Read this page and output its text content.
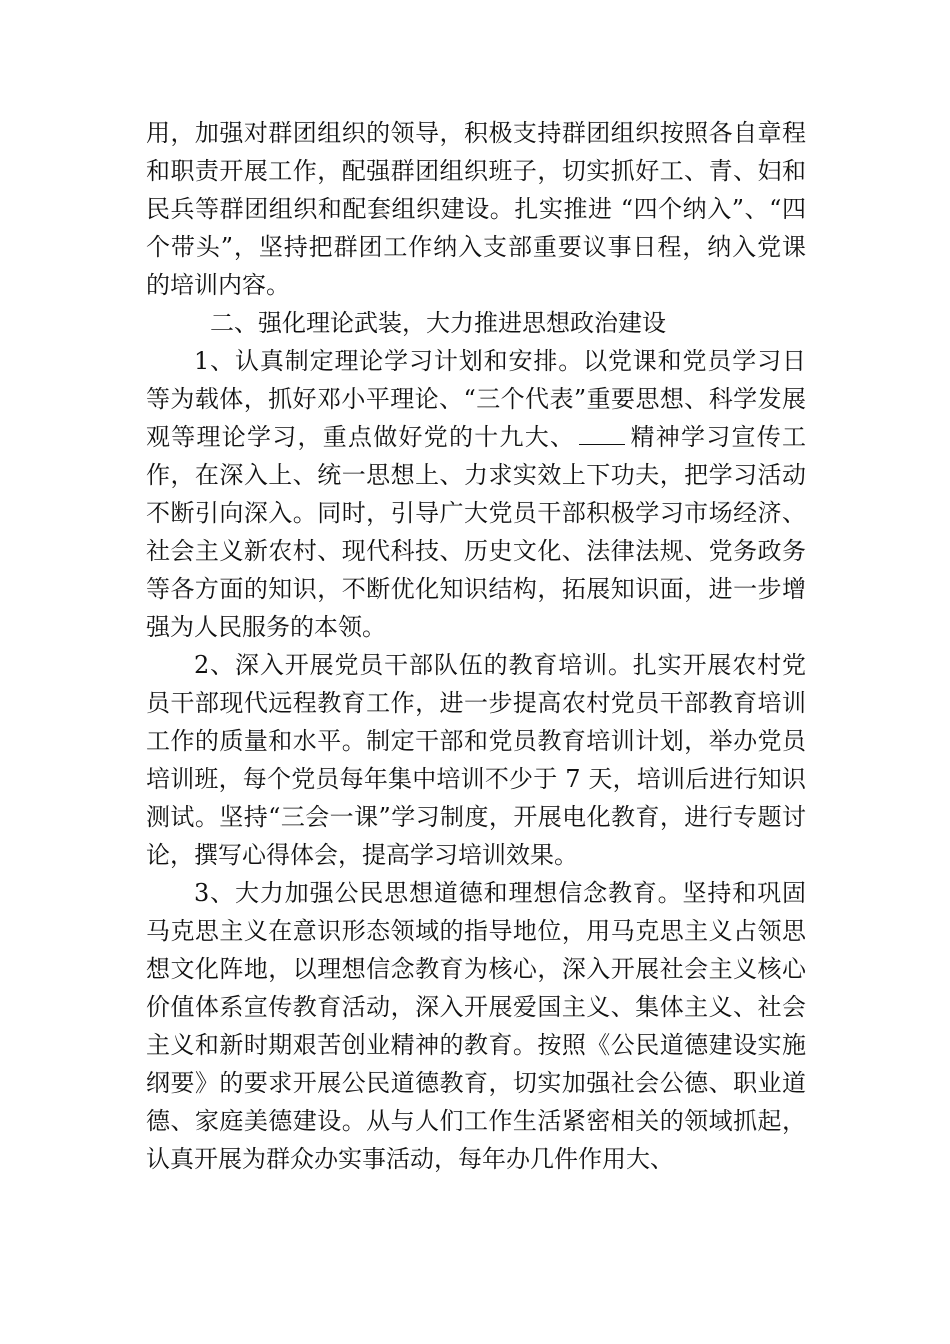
用，加强对群团组织的领导，积极支持群团组织按照各自章程和职责开展工作，配强群团组织班子，切实抓好工、青、妇和民兵等群团组织和配套组织建设。扎实推进 “四个纳入”、“四个带头”，坚持把群团工作纳入支部重要议事日程，纳入党课的培训内容。

二、强化理论武装，大力推进思想政治建设

1、认真制定理论学习计划和安排。以党课和党员学习日等为载体，抓好邓小平理论、“三个代表”重要思想、科学发展观等理论学习，重点做好党的十九大、 精神学习宣传工作，在深入上、统一思想上、力求实效上下功夫，把学习活动不断引向深入。同时，引导广大党员干部积极学习市场经济、社会主义新农村、现代科技、历史文化、法律法规、党务政务等各方面的知识，不断优化知识结构，拓展知识面，进一步增强为人民服务的本领。

2、深入开展党员干部队伍的教育培训。扎实开展农村党员干部现代远程教育工作，进一步提高农村党员干部教育培训工作的质量和水平。制定干部和党员教育培训计划，举办党员培训班，每个党员每年集中培训不少于 7 天，培训后进行知识测试。坚持“三会一课”学习制度，开展电化教育，进行专题讨论，撰写心得体会，提高学习培训效果。

3、大力加强公民思想道德和理想信念教育。坚持和巩固马克思主义在意识形态领域的指导地位，用马克思主义占领思想文化阵地，以理想信念教育为核心，深入开展社会主义核心价值体系宣传教育活动，深入开展爱国主义、集体主义、社会主义和新时期艰苦创业精神的教育。按照《公民道德建设实施纲要》的要求开展公民道德教育，切实加强社会公德、职业道德、家庭美德建设。从与人们工作生活紧密相关的领域抓起，认真开展为群众办实事活动，每年办几件作用大、
